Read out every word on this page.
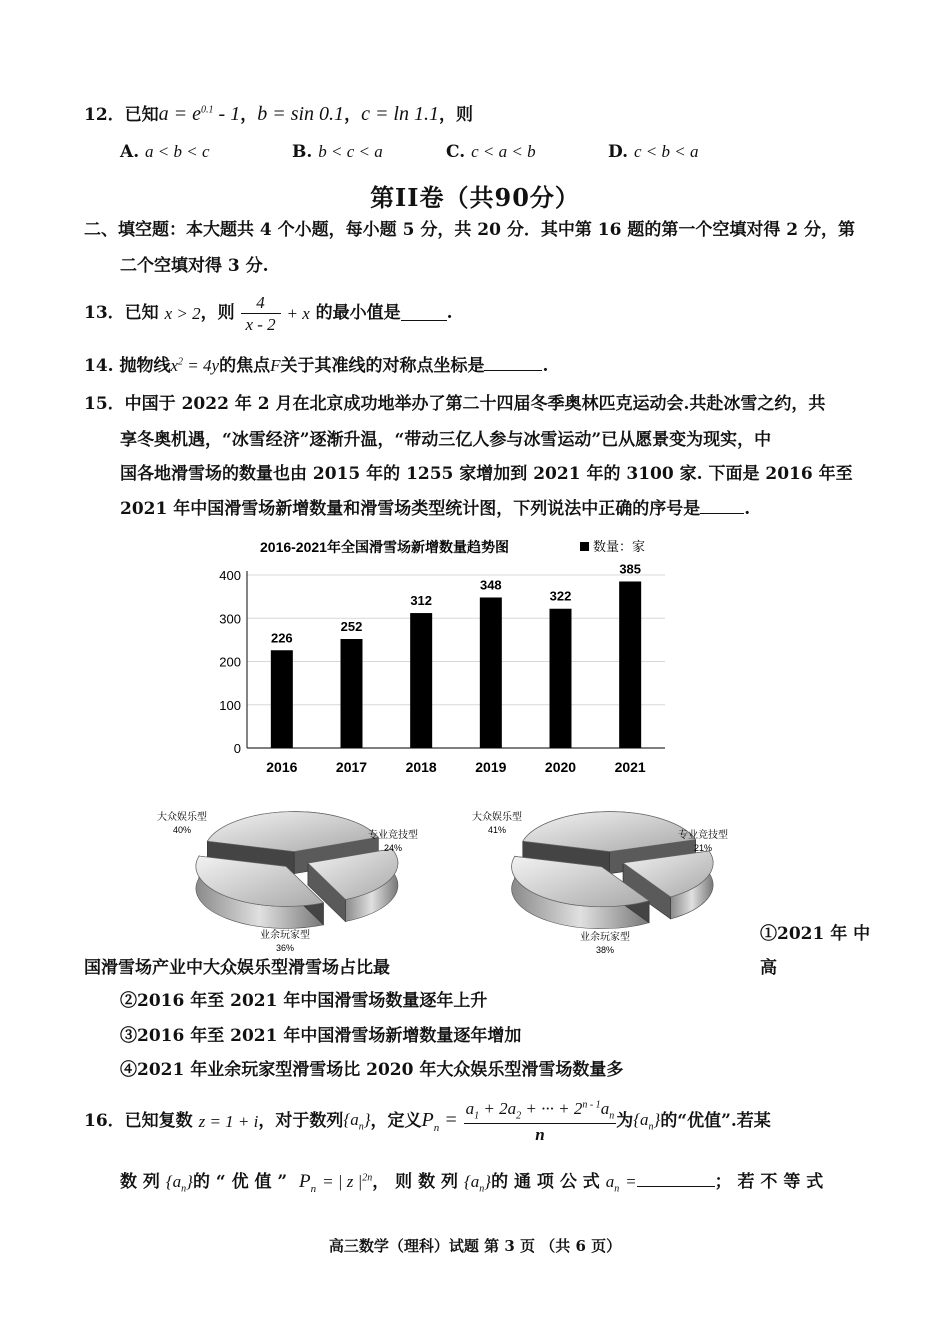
12．已知$a = e^{0.1} - 1$，b = sin 0.1，c = ln 1.1，则
A. a < b < c	B. b < c < a	C. c < a < b	D. c < b < a
第II卷（共90分）
二、填空题：本大题共 4 个小题，每小题 5 分，共 20 分．其中第 16 题的第一个空填对得 2 分，第
二个空填对得 3 分.
13． 已知
x > 2 ，则
$\frac{4}{x - 2}$
+ x
的最小值是	.
14. 抛物线$x^2 = 4y$的焦点F关于其准线的对称点坐标是	.
15．中国于 2022 年 2 月在北京成功地举办了第二十四届冬季奥林匹克运动会.共赴冰雪之约，共
享冬奥机遇，“冰雪经济”逐渐升温，“带动三亿人参与冰雪运动”已从愿景变为现实，中
国各地滑雪场的数量也由 2015 年的 1255 家增加到 2021 年的 3100 家. 下面是 2016 年至
2021 年中国滑雪场新增数量和滑雪场类型统计图，下列说法中正确的序号是	.
2016-2021年全国滑雪场新增数量趋势图	数量：家
0
100
200
300
400
226
2016
252
2017
312
2018
348
2019
322
2020
385
2021
大众娱乐型
40%	专业竞技型
24%
业余玩家型
36%
大众娱乐型
41%	专业竞技型
21%
业余玩家型
38%
①2021 年 中
国滑雪场产业中大众娱乐型滑雪场占比最	高
②2016 年至 2021 年中国滑雪场数量逐年上升
③2016 年至 2021 年中国滑雪场新增数量逐年增加
④2021 年业余玩家型滑雪场比 2020 年大众娱乐型滑雪场数量多
16． 已知复数
z = 1 + i ，对于数列 $\{a_n\}$ ，定义 $P_n$ =
$\frac{a_1 + 2a_2 + \cdot\cdot\cdot + 2^{n - 1}a_n}{n}$ 为 $\{a_n\}$ 的“优值”.若某
数 列
$\{a_n\}$ 的 “ 优 值 ”
$P_n$
= | z $|^{2n}$ ， 则 数 列
$\{a_n\}$ 的 通 项 公 式
$a_n$
=	； 若 不 等 式
高三数学（理科）试题 第 3 页 （共 6 页）
